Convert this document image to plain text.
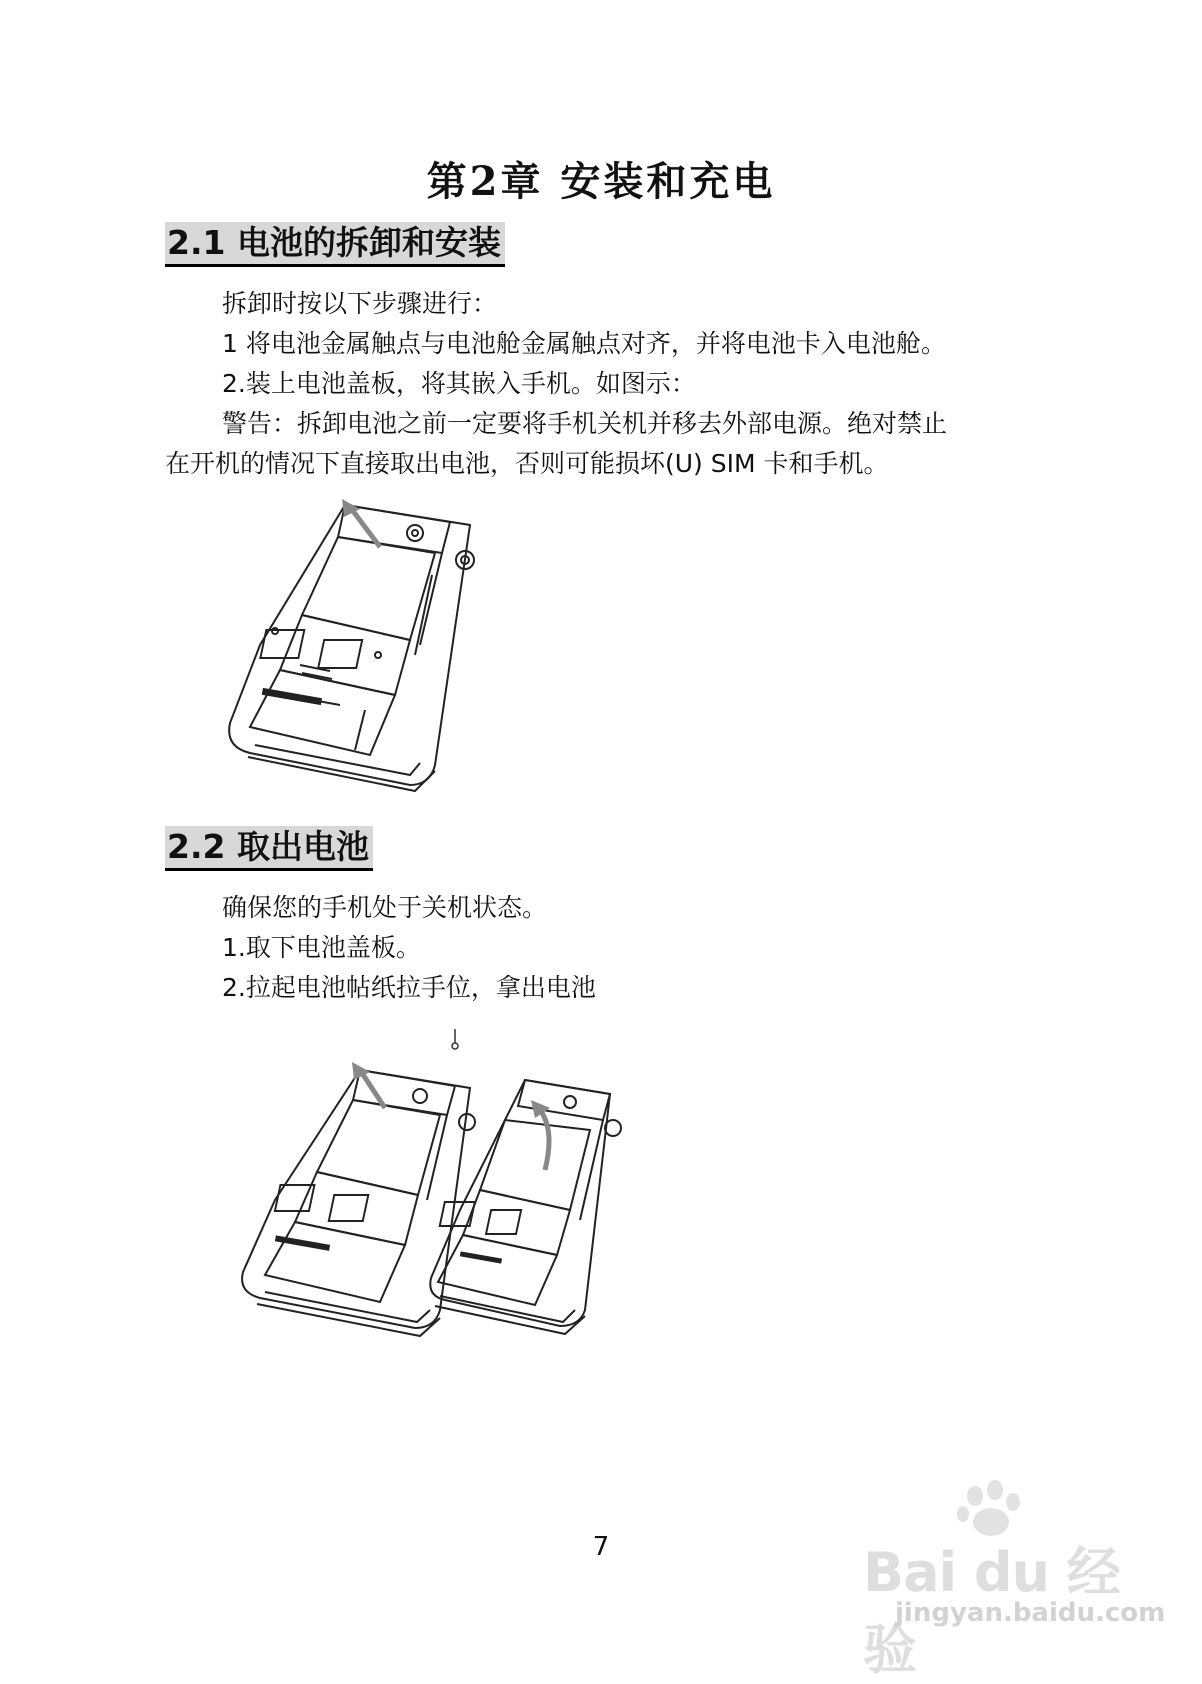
第2章 安装和充电
2.1 电池的拆卸和安装
拆卸时按以下步骤进行：
1 将电池金属触点与电池舱金属触点对齐，并将电池卡入电池舱。
2.装上电池盖板，将其嵌入手机。如图示：
警告：拆卸电池之前一定要将手机关机并移去外部电源。绝对禁止
在开机的情况下直接取出电池，否则可能损坏(U) SIM 卡和手机。
2.2 取出电池
确保您的手机处于关机状态。
1.取下电池盖板。
2.拉起电池帖纸拉手位，拿出电池
7	Bai du 经验
jingyan.baidu.com
